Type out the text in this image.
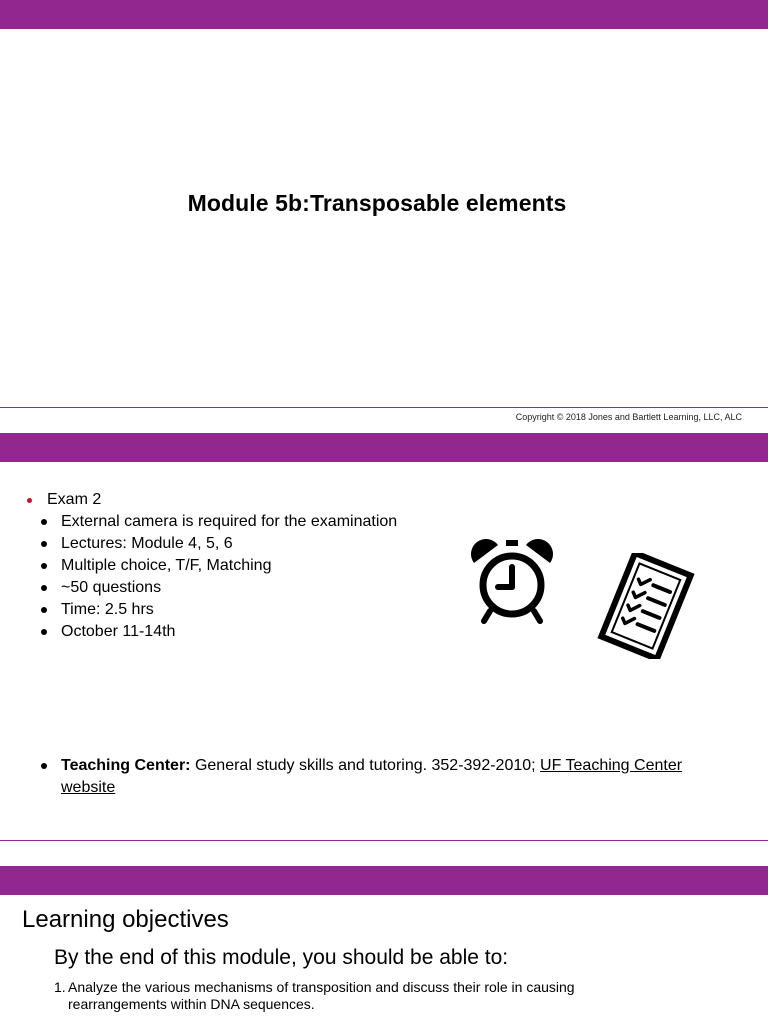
Module 5b:Transposable elements
Copyright © 2018 Jones and Bartlett Learning, LLC, ALC
Exam 2
External camera is required for the examination
Lectures: Module 4, 5, 6
Multiple choice, T/F, Matching
~50 questions
Time: 2.5 hrs
October 11-14th
Teaching Center: General study skills and tutoring. 352-392-2010; UF Teaching Center website
Learning objectives
By the end of this module, you should be able to:
1. Analyze the various mechanisms of transposition and discuss their role in causing rearrangements within DNA sequences.
